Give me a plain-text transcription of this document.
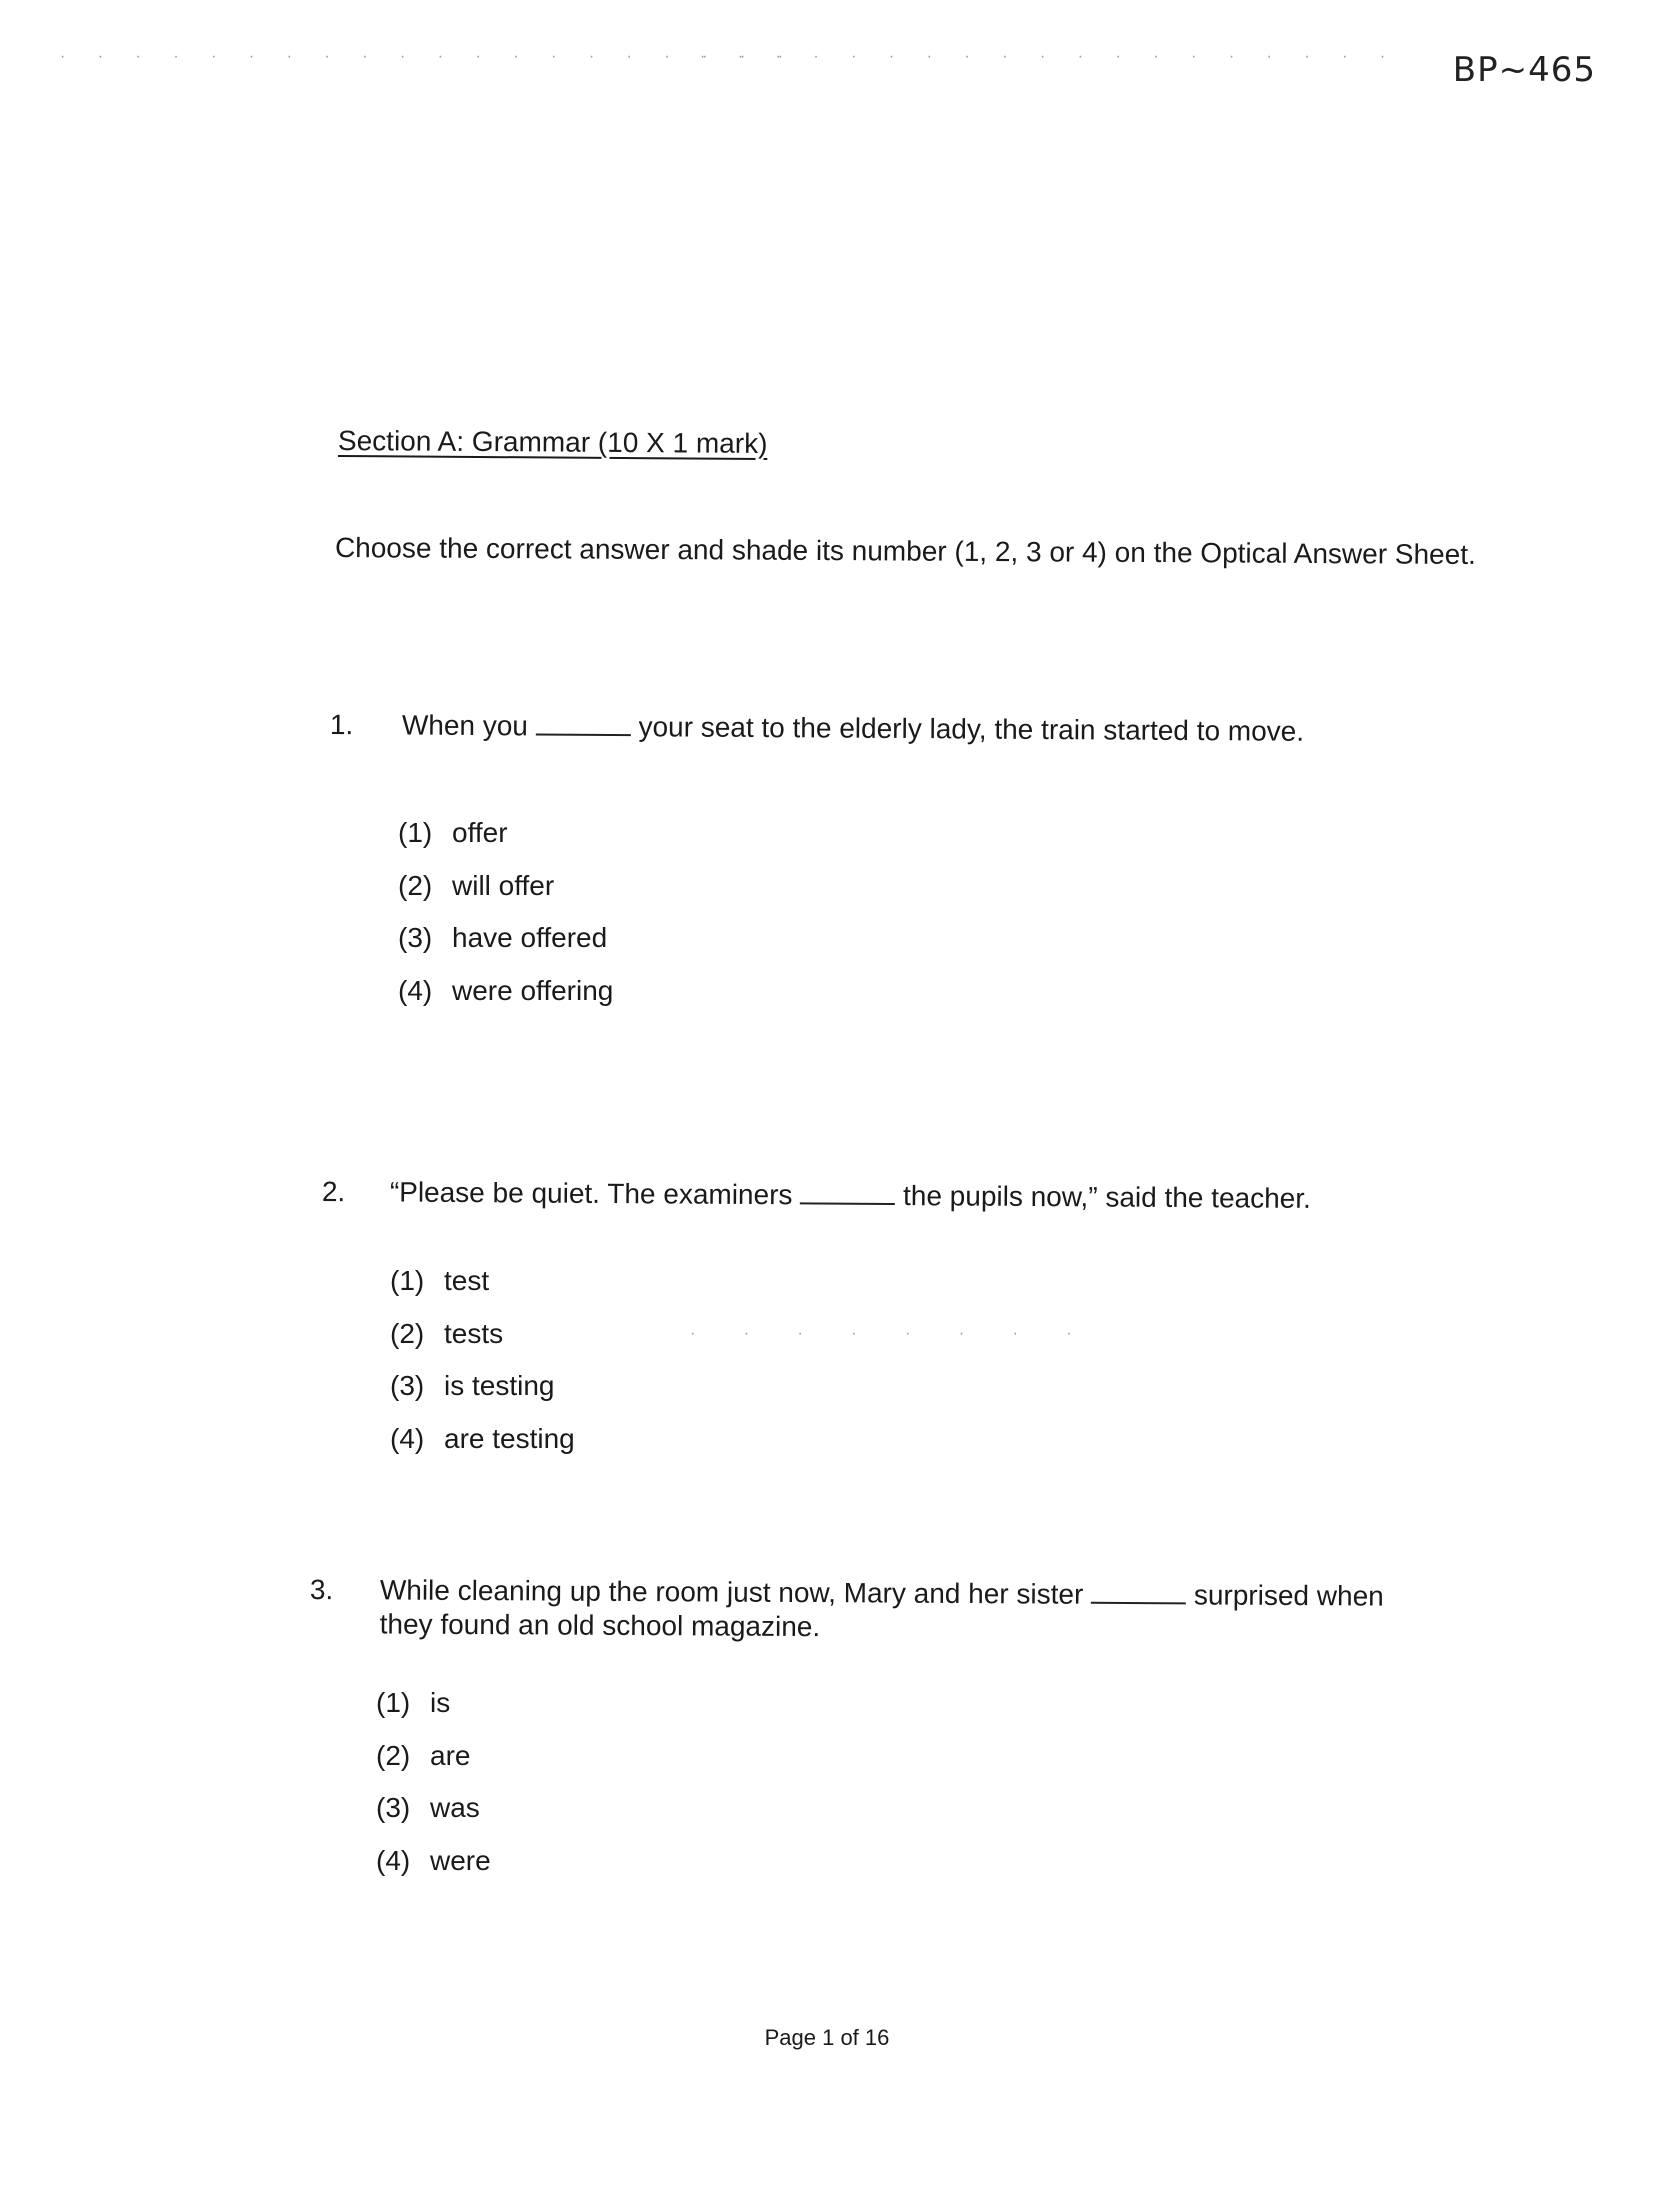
BP~465
· · · · · · · · · · · · · · · · · · · ·
· · · · · · · · · · · · · · · · · · ·
· · · · · · · ·
Section A: Grammar (10 X 1 mark)
Choose the correct answer and shade its number (1, 2, 3 or 4) on the Optical Answer Sheet.
1. When you	your seat to the elderly lady, the train started to move.
(1) offer
(2) will offer
(3) have offered
(4) were offering
2. “Please be quiet. The examiners	the pupils now,” said the teacher.
(1) test
(2) tests
(3) is testing
(4) are testing
3. While cleaning up the room just now, Mary and her sister	surprised when they found an old school magazine.
(1) is
(2) are
(3) was
(4) were
Page 1 of 16
